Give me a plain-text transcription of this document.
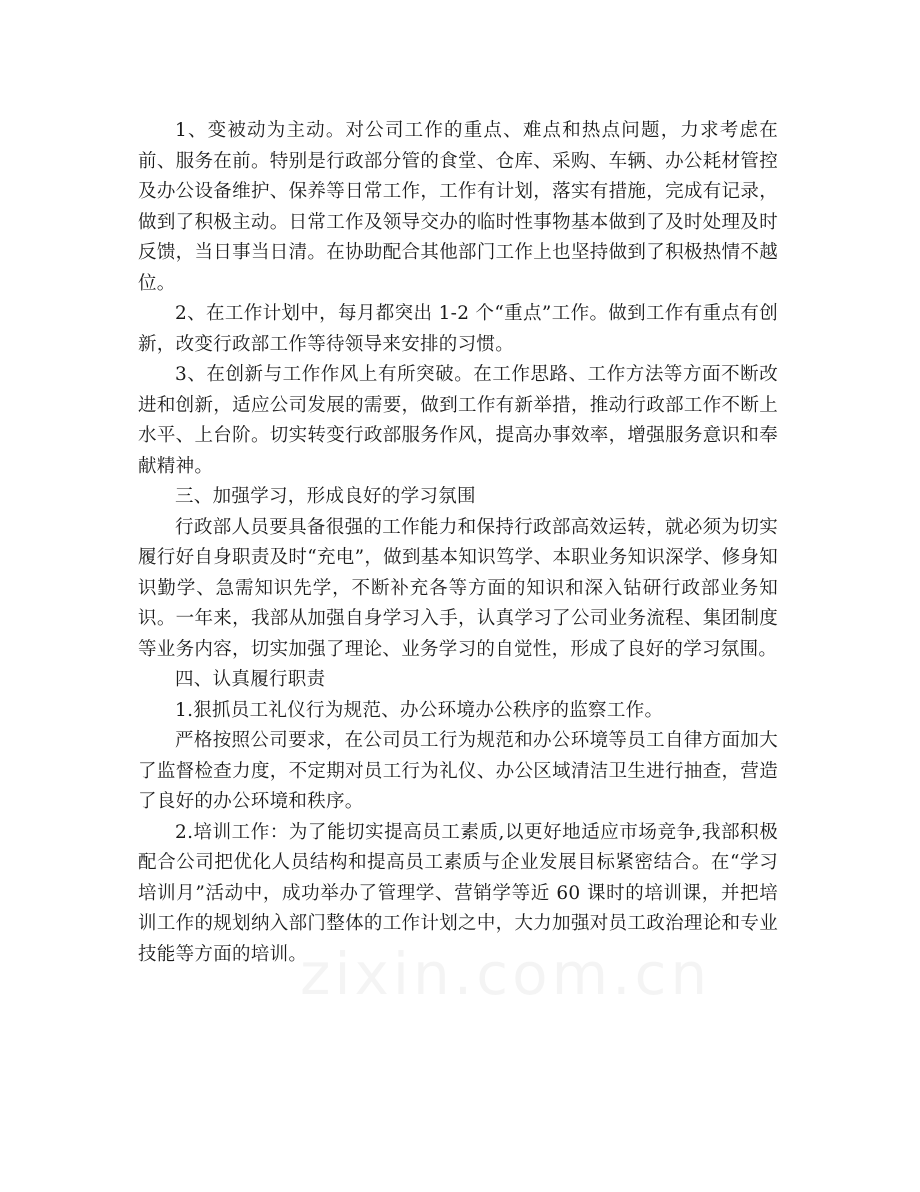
1、变被动为主动。对公司工作的重点、难点和热点问题，力求考虑在前、服务在前。特别是行政部分管的食堂、仓库、采购、车辆、办公耗材管控及办公设备维护、保养等日常工作，工作有计划，落实有措施，完成有记录，做到了积极主动。日常工作及领导交办的临时性事物基本做到了及时处理及时反馈，当日事当日清。在协助配合其他部门工作上也坚持做到了积极热情不越位。

2、在工作计划中，每月都突出 1-2 个“重点”工作。做到工作有重点有创新，改变行政部工作等待领导来安排的习惯。

3、在创新与工作作风上有所突破。在工作思路、工作方法等方面不断改进和创新，适应公司发展的需要，做到工作有新举措，推动行政部工作不断上水平、上台阶。切实转变行政部服务作风，提高办事效率，增强服务意识和奉献精神。

三、加强学习，形成良好的学习氛围

行政部人员要具备很强的工作能力和保持行政部高效运转，就必须为切实履行好自身职责及时“充电”，做到基本知识笃学、本职业务知识深学、修身知识勤学、急需知识先学，不断补充各等方面的知识和深入钻研行政部业务知识。一年来，我部从加强自身学习入手，认真学习了公司业务流程、集团制度等业务内容，切实加强了理论、业务学习的自觉性，形成了良好的学习氛围。

四、认真履行职责

1.狠抓员工礼仪行为规范、办公环境办公秩序的监察工作。

严格按照公司要求，在公司员工行为规范和办公环境等员工自律方面加大了监督检查力度，不定期对员工行为礼仪、办公区域清洁卫生进行抽查，营造了良好的办公环境和秩序。

2.培训工作：为了能切实提高员工素质,以更好地适应市场竞争,我部积极配合公司把优化人员结构和提高员工素质与企业发展目标紧密结合。在“学习培训月”活动中，成功举办了管理学、营销学等近 60 课时的培训课，并把培训工作的规划纳入部门整体的工作计划之中，大力加强对员工政治理论和专业技能等方面的培训。
